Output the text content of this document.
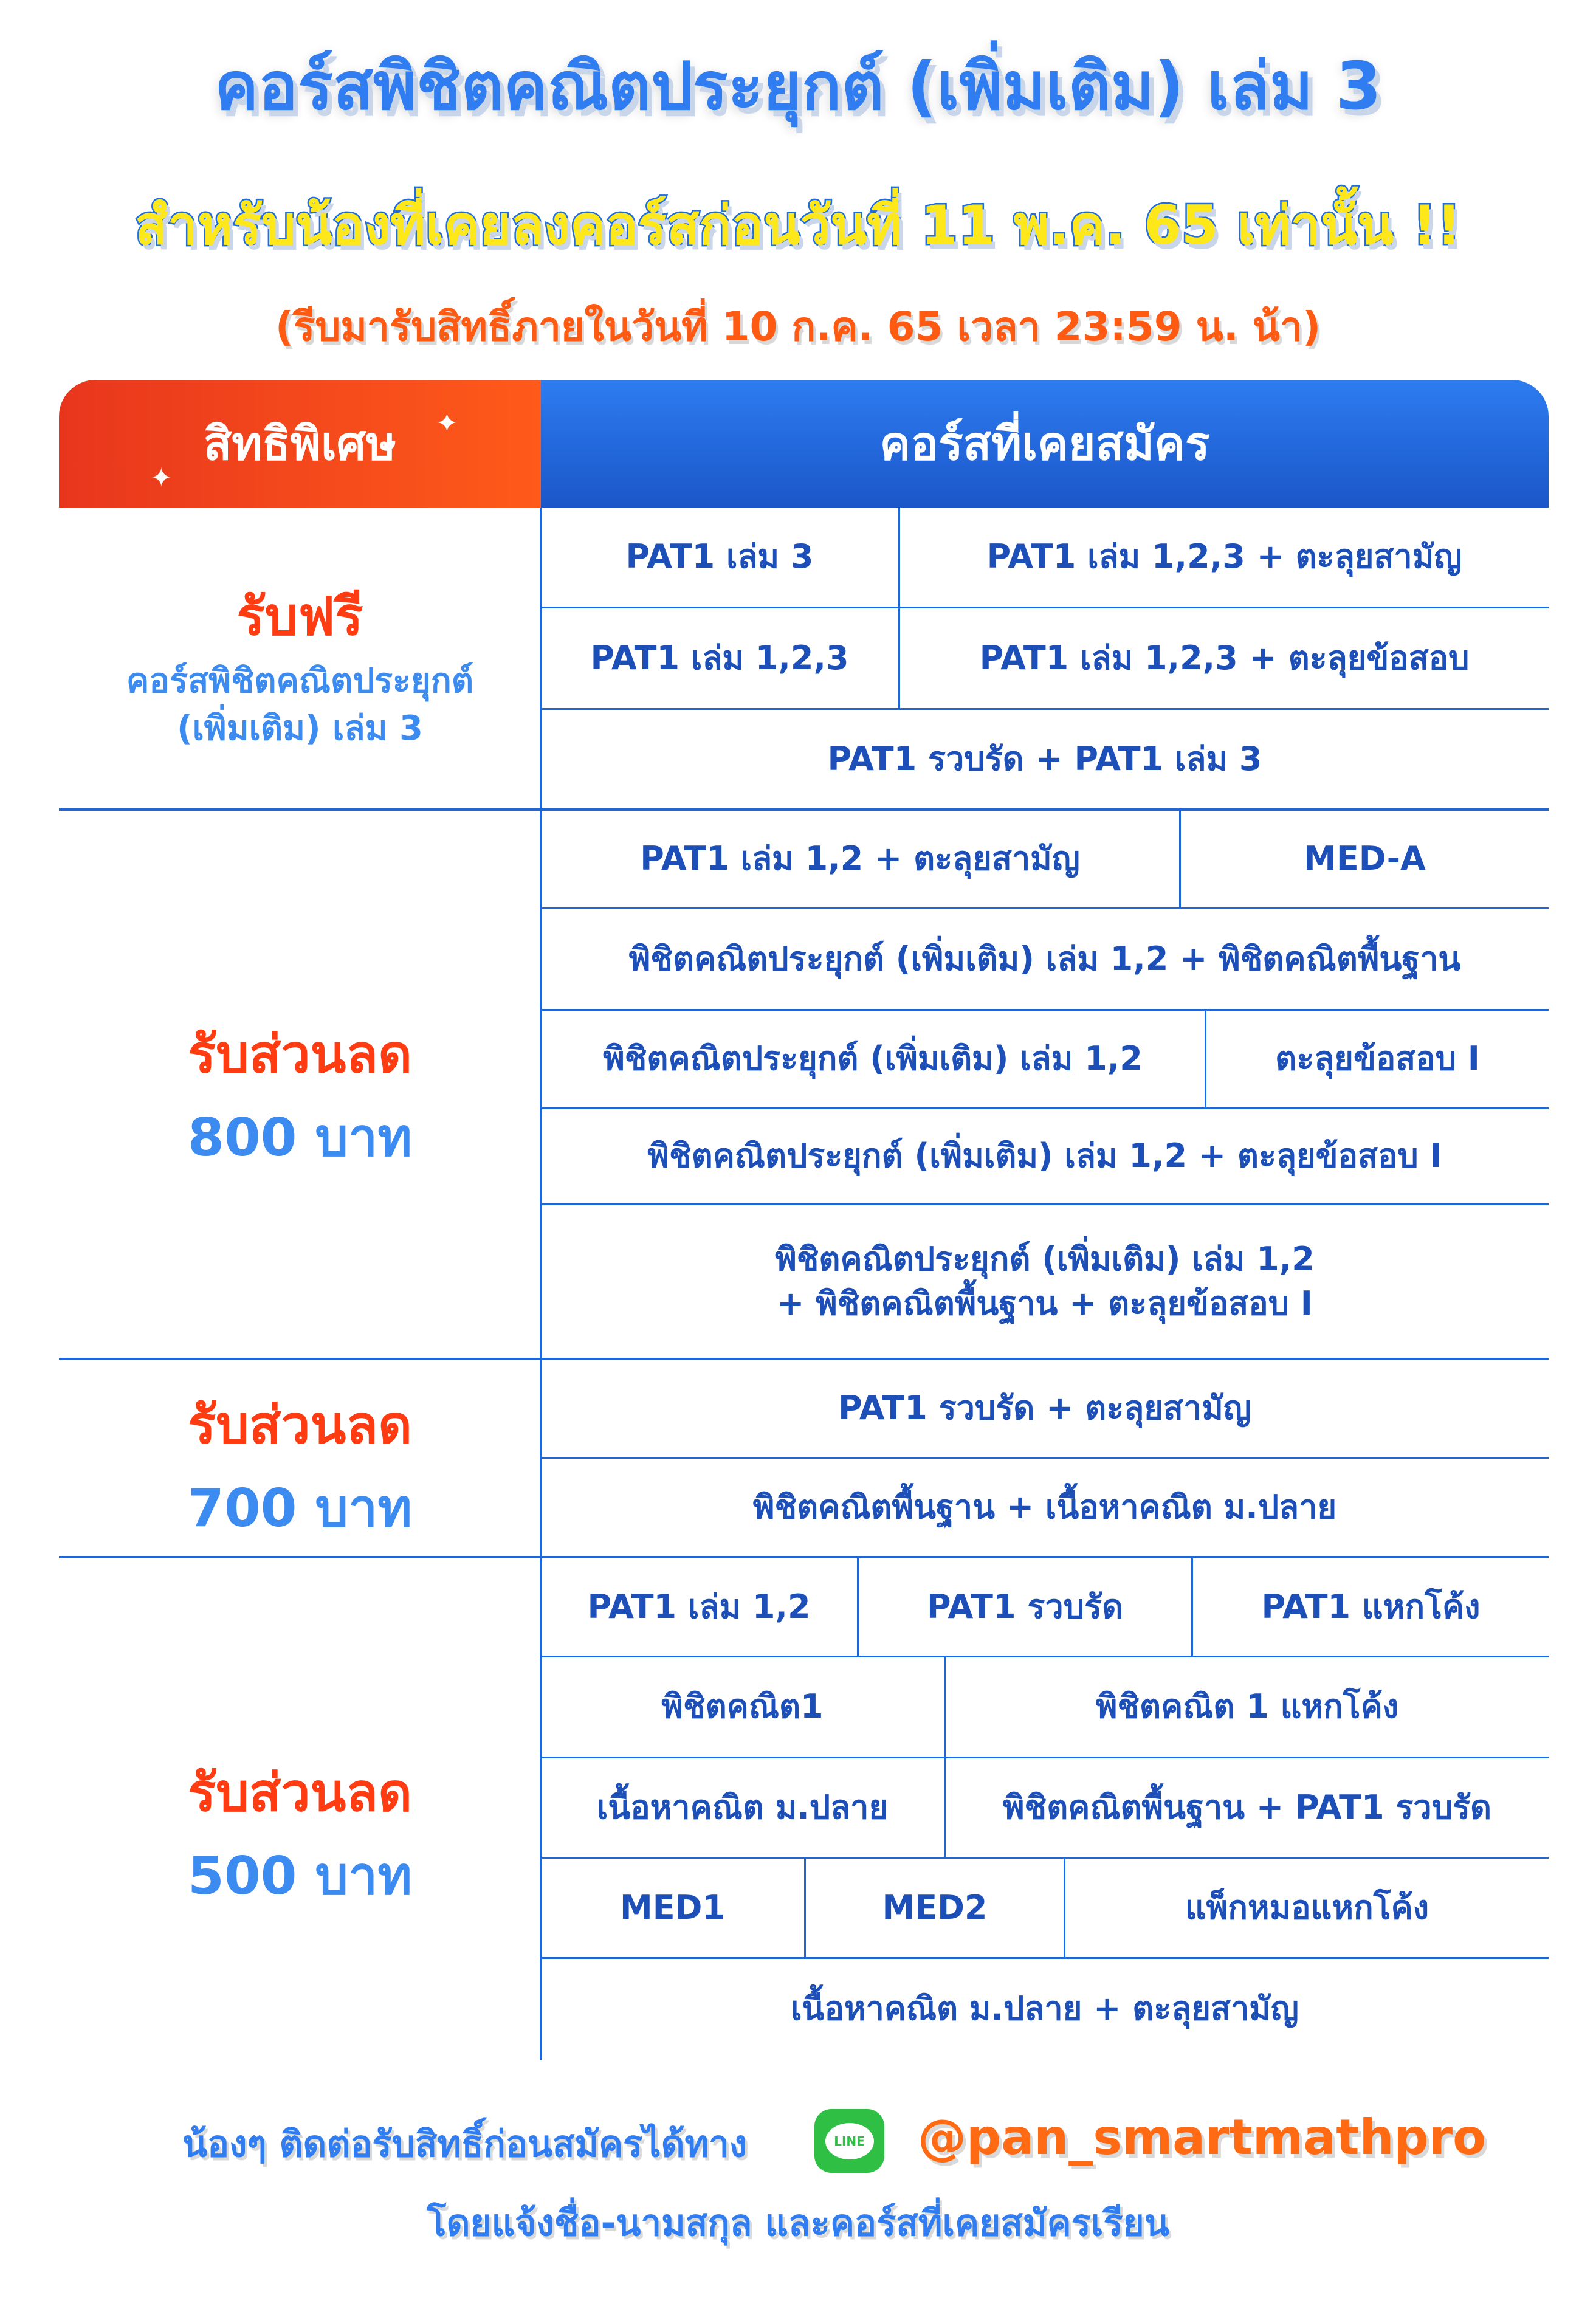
คอร์สพิชิตคณิตประยุกต์ (เพิ่มเติม) เล่ม 3
สำหรับน้องที่เคยลงคอร์สก่อนวันที่ 11 พ.ค. 65 เท่านั้น !!
(รีบมารับสิทธิ์ภายในวันที่ 10 ก.ค. 65 เวลา 23:59 น. น้า)
สิทธิพิเศษ
✦
✦	คอร์สที่เคยสมัคร
รับฟรี
คอร์สพิชิตคณิตประยุกต์
(เพิ่มเติม) เล่ม 3
PAT1 เล่ม 3	PAT1 เล่ม 1,2,3 + ตะลุยสามัญ
PAT1 เล่ม 1,2,3	PAT1 เล่ม 1,2,3 + ตะลุยข้อสอบ
PAT1 รวบรัด + PAT1 เล่ม 3
รับส่วนลด
800 บาท
PAT1 เล่ม 1,2 + ตะลุยสามัญ	MED-A
พิชิตคณิตประยุกต์ (เพิ่มเติม) เล่ม 1,2 + พิชิตคณิตพื้นฐาน
พิชิตคณิตประยุกต์ (เพิ่มเติม) เล่ม 1,2	ตะลุยข้อสอบ I
พิชิตคณิตประยุกต์ (เพิ่มเติม) เล่ม 1,2 + ตะลุยข้อสอบ I
พิชิตคณิตประยุกต์ (เพิ่มเติม) เล่ม 1,2
+ พิชิตคณิตพื้นฐาน + ตะลุยข้อสอบ I
รับส่วนลด
700 บาท
PAT1 รวบรัด + ตะลุยสามัญ
พิชิตคณิตพื้นฐาน + เนื้อหาคณิต ม.ปลาย
รับส่วนลด
500 บาท
PAT1 เล่ม 1,2	PAT1 รวบรัด	PAT1 แหกโค้ง
พิชิตคณิต1	พิชิตคณิต 1 แหกโค้ง
เนื้อหาคณิต ม.ปลาย	พิชิตคณิตพื้นฐาน + PAT1 รวบรัด
MED1	MED2	แพ็กหมอแหกโค้ง
เนื้อหาคณิต ม.ปลาย + ตะลุยสามัญ
น้องๆ ติดต่อรับสิทธิ์ก่อนสมัครได้ทาง	LINE @pan_smartmathpro
โดยแจ้งชื่อ-นามสกุล และคอร์สที่เคยสมัครเรียน
